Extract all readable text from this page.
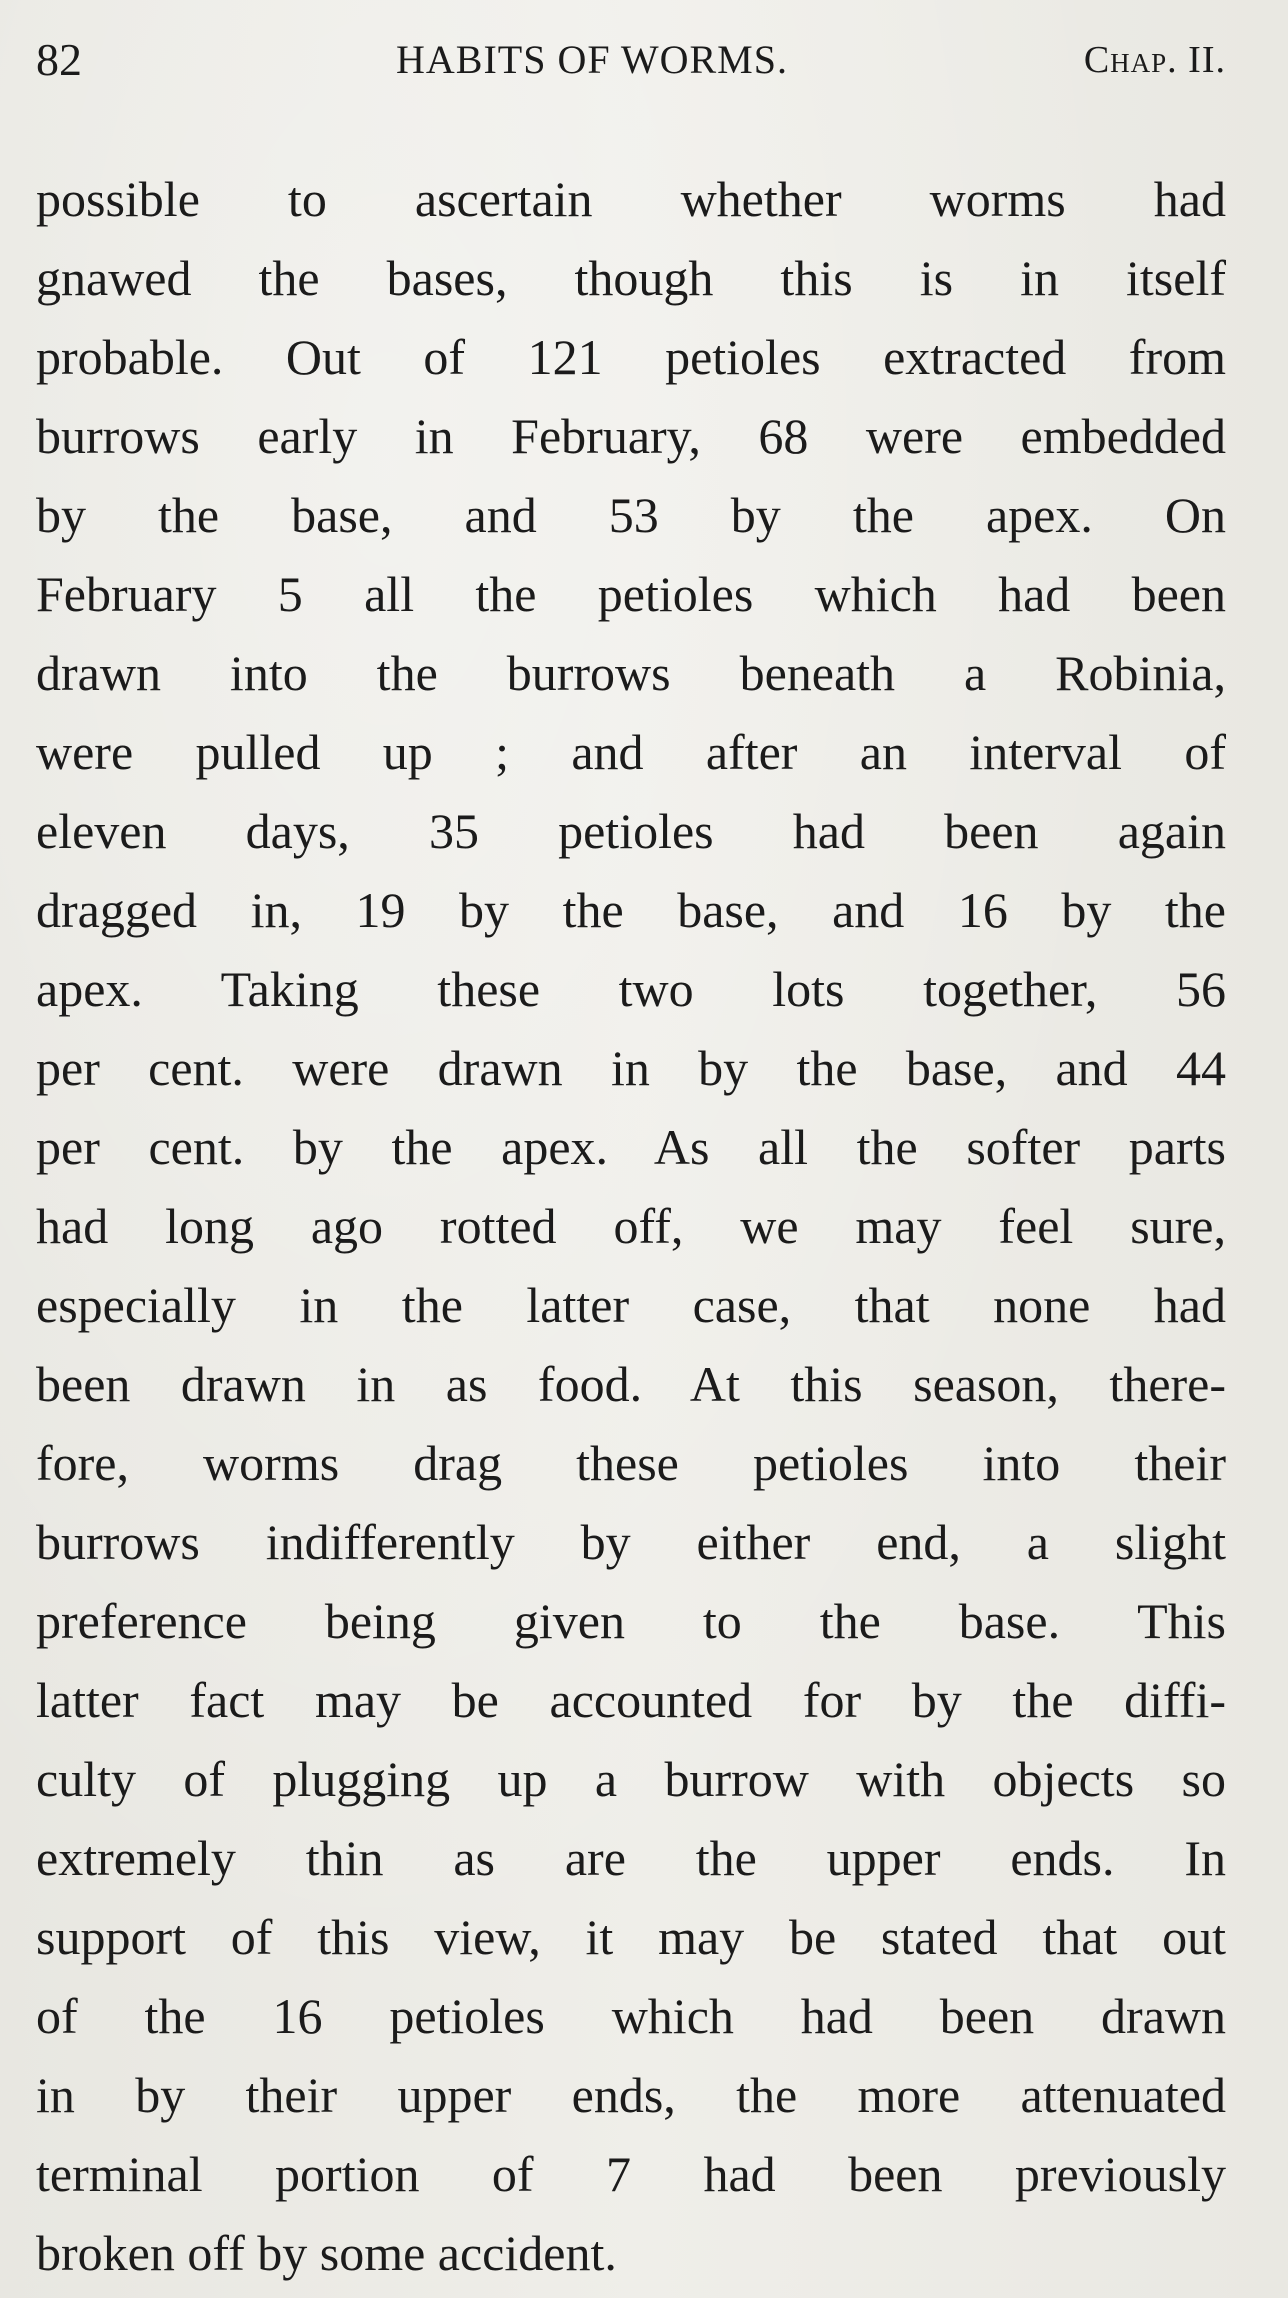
82	HABITS OF WORMS.	Chap. II.
possible to ascertain whether worms had
gnawed the bases, though this is in itself
probable. Out of 121 petioles extracted from
burrows early in February, 68 were embedded
by the base, and 53 by the apex. On
February 5 all the petioles which had been
drawn into the burrows beneath a Robinia,
were pulled up ; and after an interval of
eleven days, 35 petioles had been again
dragged in, 19 by the base, and 16 by the
apex. Taking these two lots together, 56
per cent. were drawn in by the base, and 44
per cent. by the apex. As all the softer parts
had long ago rotted off, we may feel sure,
especially in the latter case, that none had
been drawn in as food. At this season, there-
fore, worms drag these petioles into their
burrows indifferently by either end, a slight
preference being given to the base. This
latter fact may be accounted for by the diffi-
culty of plugging up a burrow with objects so
extremely thin as are the upper ends. In
support of this view, it may be stated that out
of the 16 petioles which had been drawn
in by their upper ends, the more attenuated
terminal portion of 7 had been previously
broken off by some accident.
